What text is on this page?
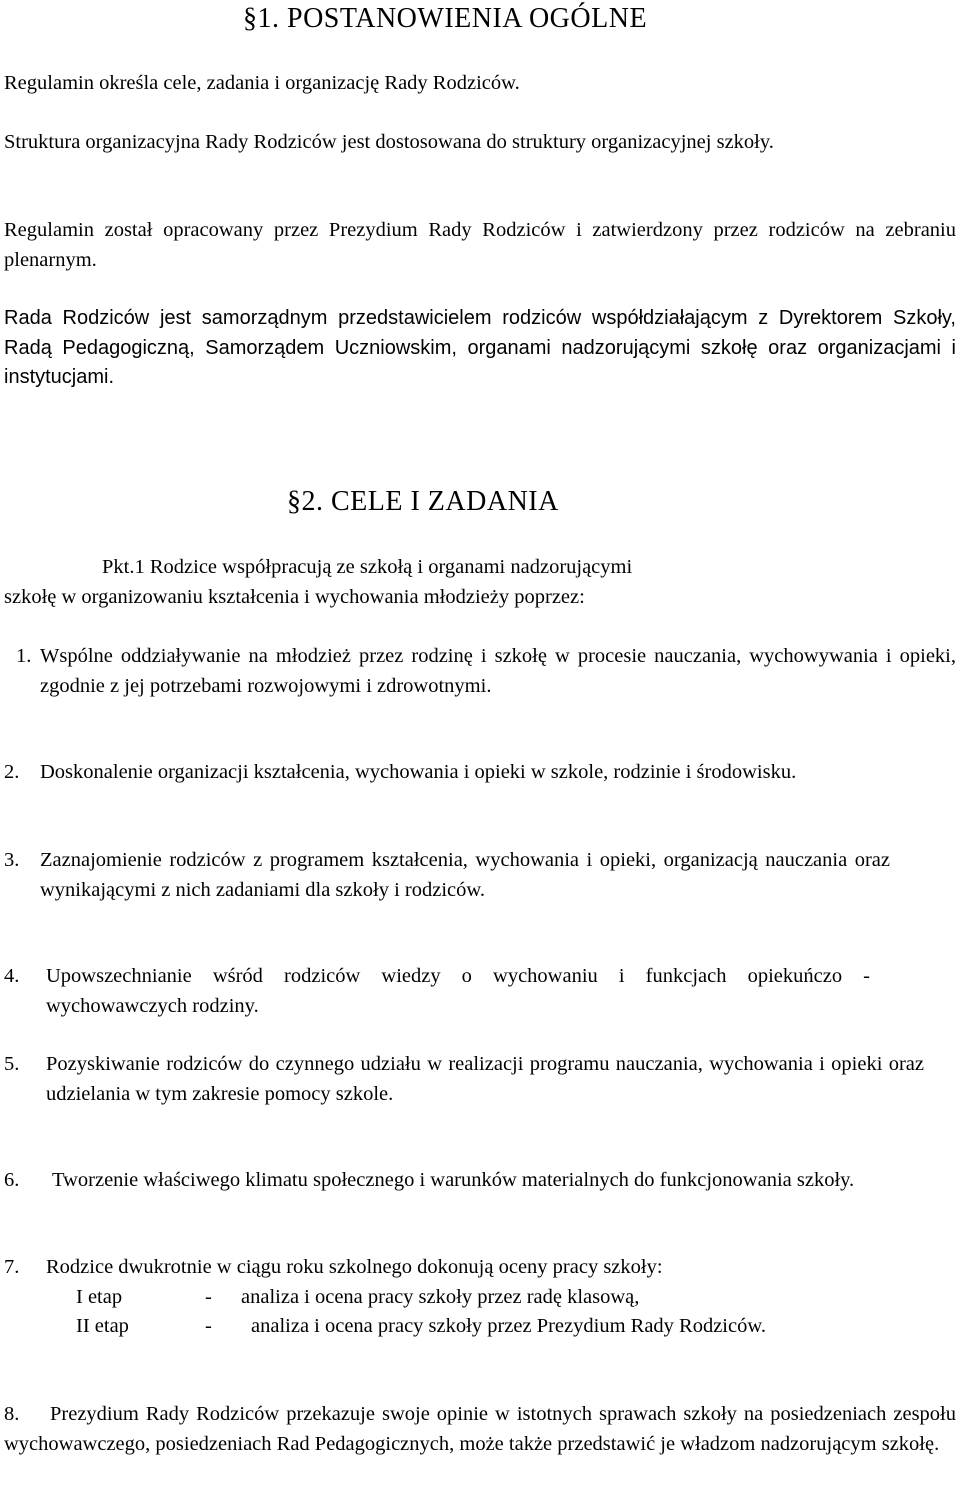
§1. POSTANOWIENIA OGÓLNE
Regulamin określa cele, zadania i organizację Rady Rodziców.
Struktura organizacyjna Rady Rodziców jest dostosowana do struktury organizacyjnej szkoły.
Regulamin został opracowany przez Prezydium Rady Rodziców i zatwierdzony przez rodziców na zebraniu plenarnym.
Rada Rodziców jest samorządnym przedstawicielem rodziców współdziałającym z Dyrektorem Szkoły, Radą Pedagogiczną, Samorządem Uczniowskim, organami nadzorującymi szkołę oraz organizacjami i instytucjami.
§2. CELE I ZADANIA
Pkt.1 Rodzice współpracują ze szkołą i organami nadzorującymi
szkołę w organizowaniu kształcenia i wychowania młodzieży poprzez:
1. Wspólne oddziaływanie na młodzież przez rodzinę i szkołę w procesie nauczania, wychowywania i opieki, zgodnie z jej potrzebami rozwojowymi i zdrowotnymi.
2. Doskonalenie organizacji kształcenia, wychowania i opieki w szkole, rodzinie i środowisku.
3. Zaznajomienie rodziców z programem kształcenia, wychowania i opieki, organizacją nauczania oraz wynikającymi z nich zadaniami dla szkoły i rodziców.
4. Upowszechnianie wśród rodziców wiedzy o wychowaniu i funkcjach opiekuńczo - wychowawczych rodziny.
5. Pozyskiwanie rodziców do czynnego udziału w realizacji programu nauczania, wychowania i opieki oraz udzielania w tym zakresie pomocy szkole.
6. Tworzenie właściwego klimatu społecznego i warunków materialnych do funkcjonowania szkoły.
7. Rodzice dwukrotnie w ciągu roku szkolnego dokonują oceny pracy szkoły:
I etap	- analiza i ocena pracy szkoły przez radę klasową,
II etap	- analiza i ocena pracy szkoły przez Prezydium Rady Rodziców.
8.	Prezydium Rady Rodziców przekazuje swoje opinie w istotnych sprawach szkoły na posiedzeniach zespołu wychowawczego, posiedzeniach Rad Pedagogicznych, może także przedstawić je władzom nadzorującym szkołę.
